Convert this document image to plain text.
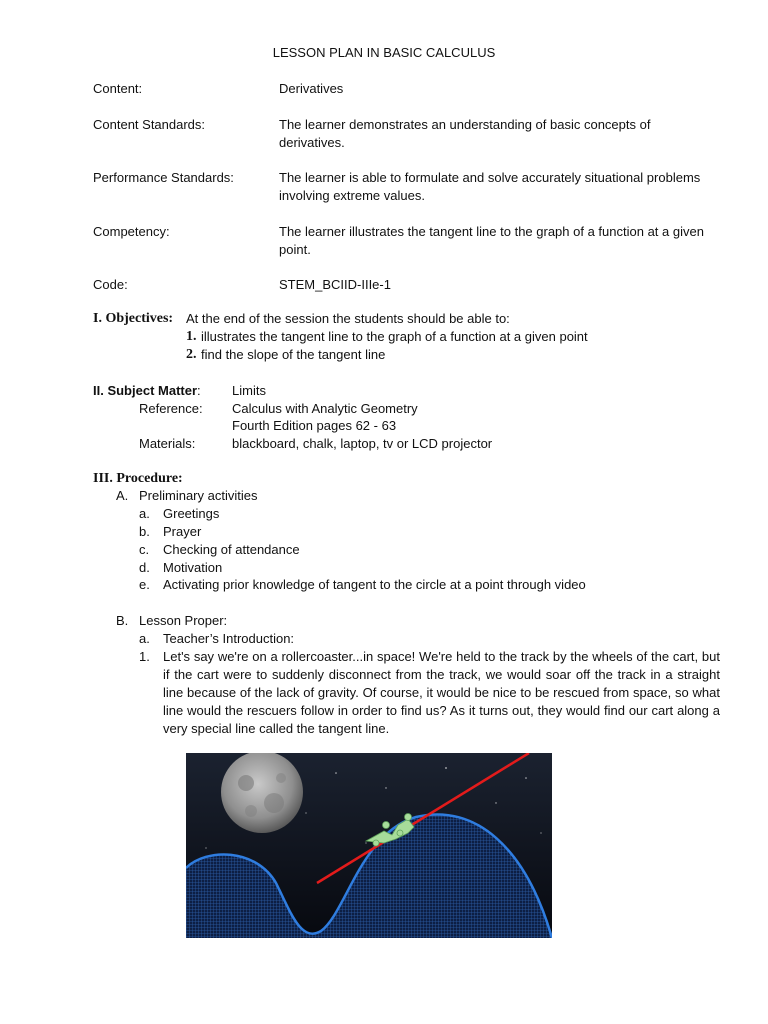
LESSON PLAN IN BASIC CALCULUS
Content:	Derivatives
Content Standards:	The learner demonstrates an understanding of basic concepts of derivatives.
Performance Standards:	The learner is able to formulate and solve accurately situational problems involving extreme values.
Competency:	The learner illustrates the tangent line to the graph of a function at a given point.
Code:	STEM_BCIID-IIIe-1
I. Objectives: At the end of the session the students should be able to:
1. illustrates the tangent line to the graph of a function at a given point
2. find the slope of the tangent line
II. Subject Matter: Limits
Reference: Calculus with Analytic Geometry
Fourth Edition pages 62 - 63
Materials:	blackboard, chalk, laptop, tv or LCD projector
III. Procedure:
A. Preliminary activities
a. Greetings
b. Prayer
c. Checking of attendance
d. Motivation
e. Activating prior knowledge of tangent to the circle at a point through video
B. Lesson Proper:
a. Teacher’s Introduction:
1. Let's say we're on a rollercoaster...in space! We're held to the track by the wheels of the cart, but if the cart were to suddenly disconnect from the track, we would soar off the track in a straight line because of the lack of gravity. Of course, it would be nice to be rescued from space, so what line would the rescuers follow in order to find us? As it turns out, they would find our cart along a very special line called the tangent line.
